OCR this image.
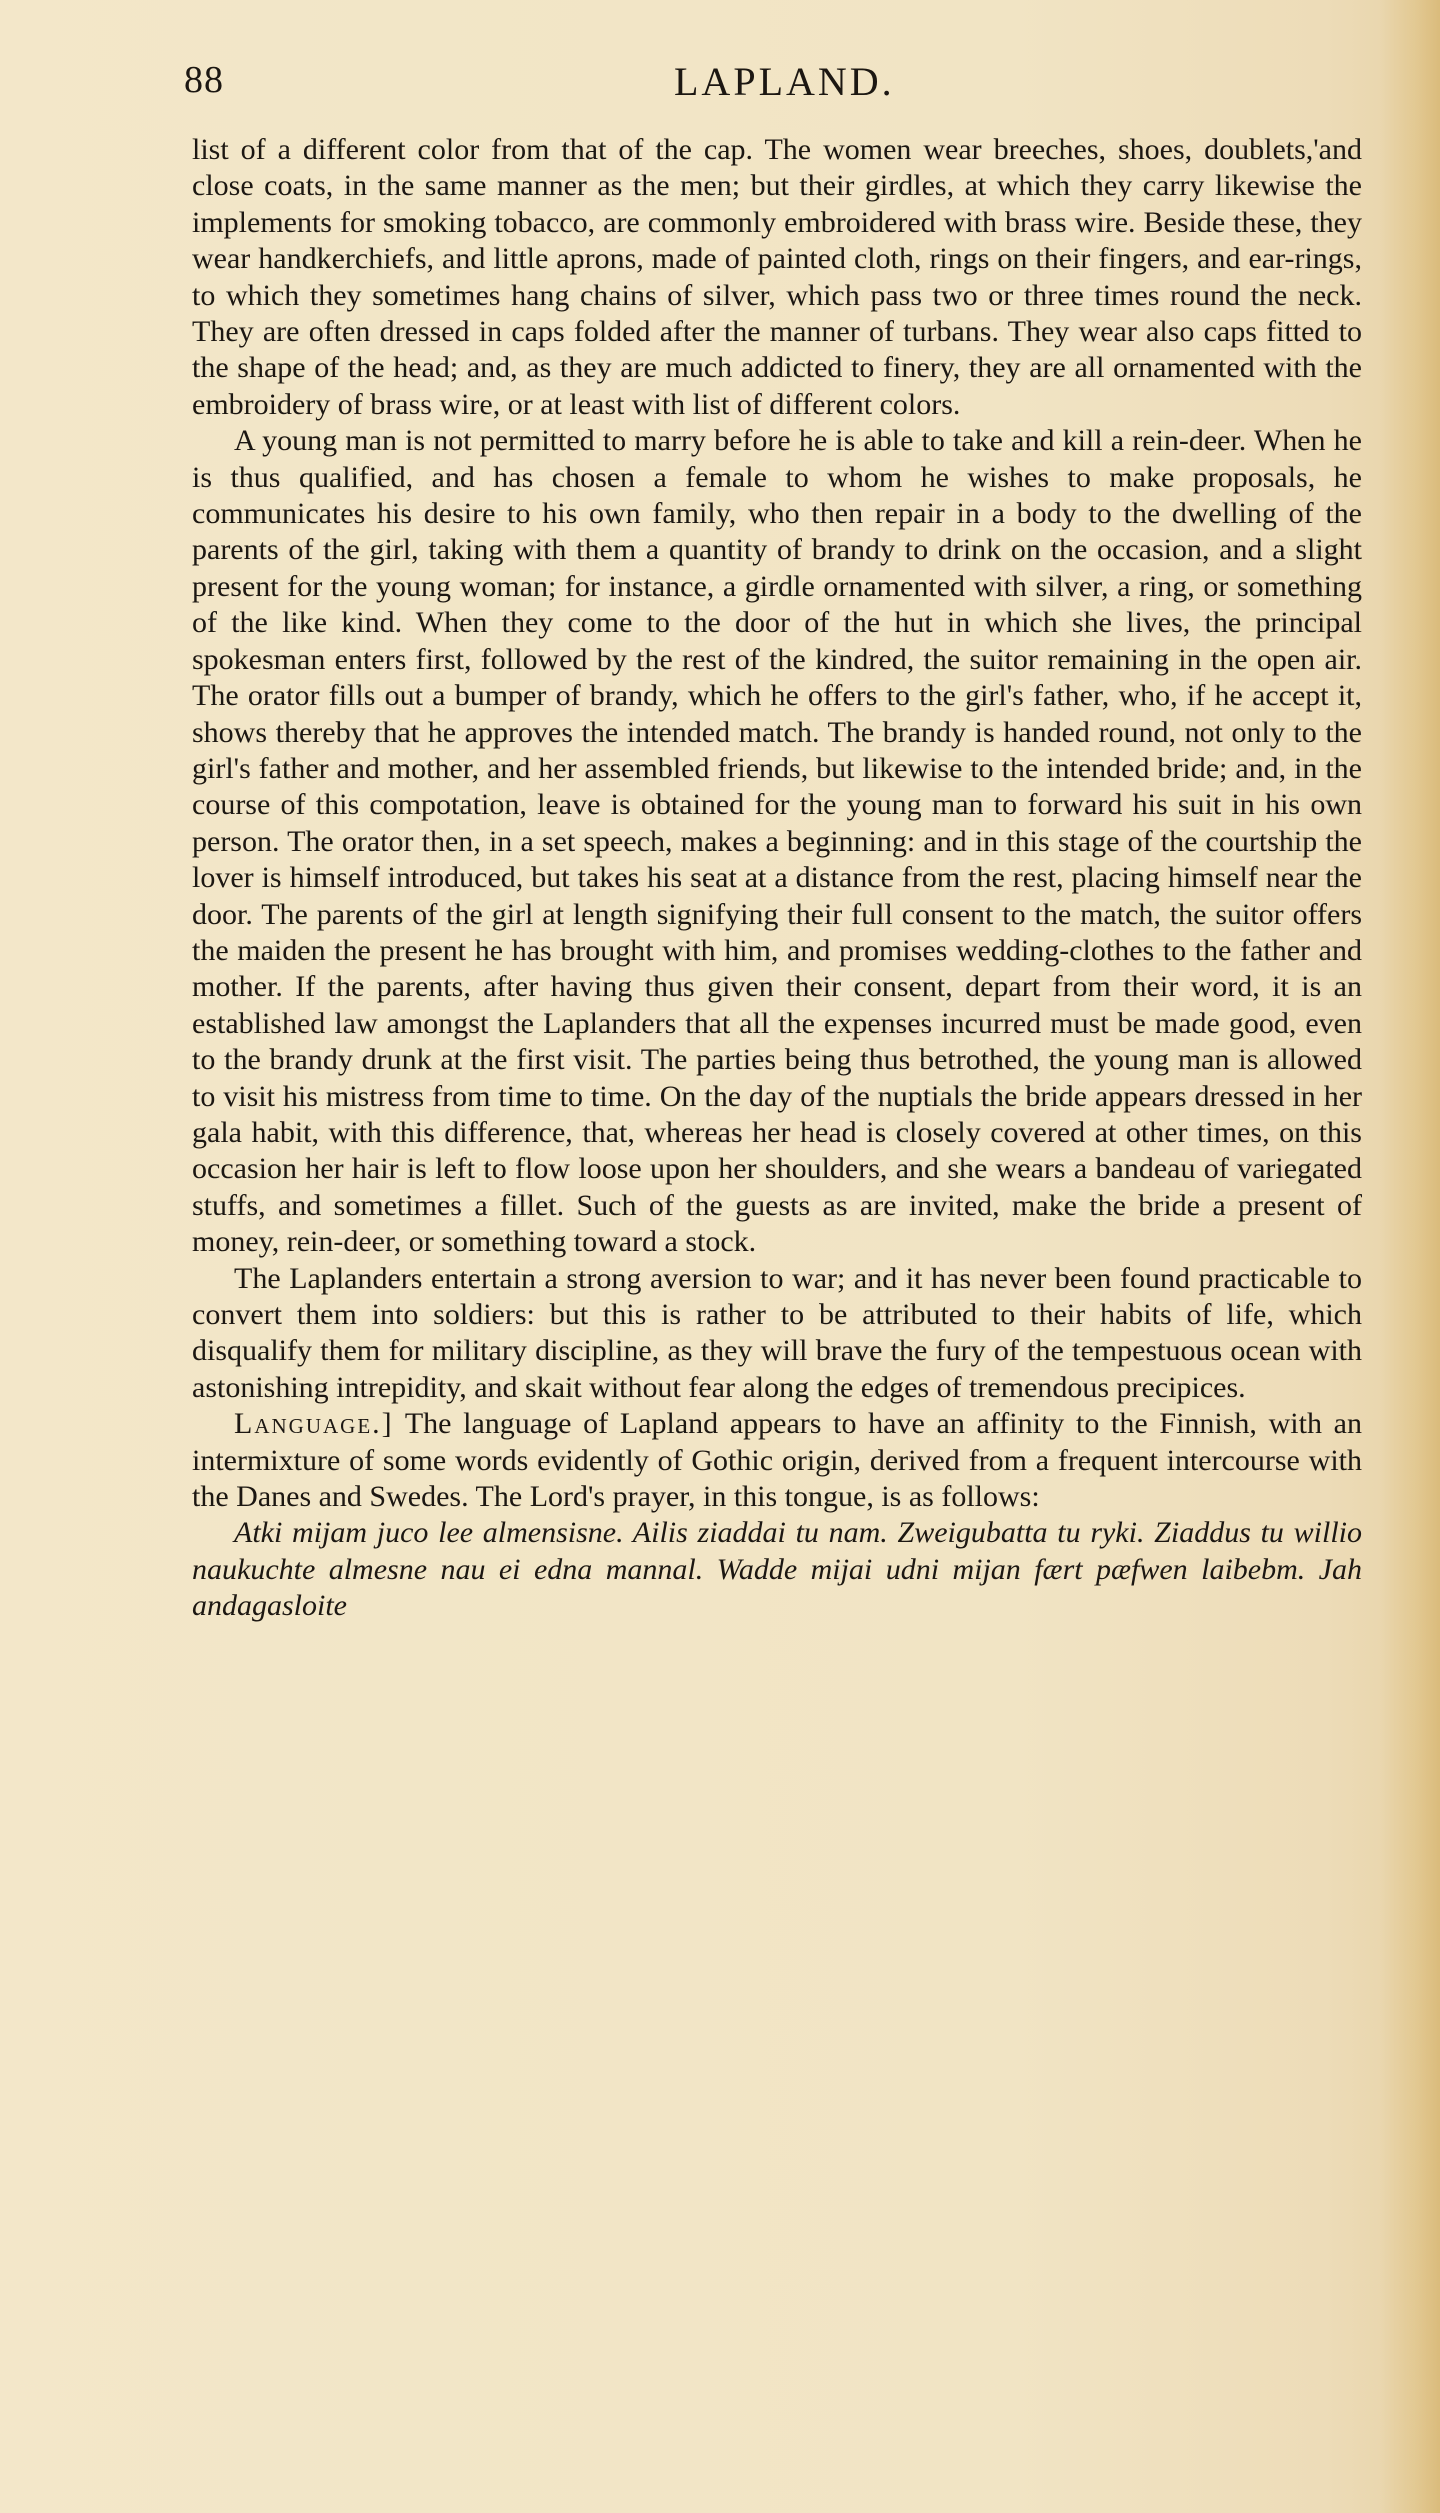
88	LAPLAND.

list of a different color from that of the cap. The women wear breeches, shoes, doublets,'and close coats, in the same manner as the men; but their girdles, at which they carry likewise the implements for smoking tobacco, are commonly embroidered with brass wire. Beside these, they wear handkerchiefs, and little aprons, made of painted cloth, rings on their fingers, and ear-rings, to which they sometimes hang chains of silver, which pass two or three times round the neck. They are often dressed in caps folded after the manner of turbans. They wear also caps fitted to the shape of the head; and, as they are much addicted to finery, they are all ornamented with the embroidery of brass wire, or at least with list of different colors.

A young man is not permitted to marry before he is able to take and kill a rein-deer. When he is thus qualified, and has chosen a female to whom he wishes to make proposals, he communicates his desire to his own family, who then repair in a body to the dwelling of the parents of the girl, taking with them a quantity of brandy to drink on the occasion, and a slight present for the young woman; for instance, a girdle ornamented with silver, a ring, or something of the like kind. When they come to the door of the hut in which she lives, the principal spokesman enters first, followed by the rest of the kindred, the suitor remaining in the open air. The orator fills out a bumper of brandy, which he offers to the girl's father, who, if he accept it, shows thereby that he approves the intended match. The brandy is handed round, not only to the girl's father and mother, and her assembled friends, but likewise to the intended bride; and, in the course of this compotation, leave is obtained for the young man to forward his suit in his own person. The orator then, in a set speech, makes a beginning: and in this stage of the courtship the lover is himself introduced, but takes his seat at a distance from the rest, placing himself near the door. The parents of the girl at length signifying their full consent to the match, the suitor offers the maiden the present he has brought with him, and promises wedding-clothes to the father and mother. If the parents, after having thus given their consent, depart from their word, it is an established law amongst the Laplanders that all the expenses incurred must be made good, even to the brandy drunk at the first visit. The parties being thus betrothed, the young man is allowed to visit his mistress from time to time. On the day of the nuptials the bride appears dressed in her gala habit, with this difference, that, whereas her head is closely covered at other times, on this occasion her hair is left to flow loose upon her shoulders, and she wears a bandeau of variegated stuffs, and sometimes a fillet. Such of the guests as are invited, make the bride a present of money, rein-deer, or something toward a stock.

The Laplanders entertain a strong aversion to war; and it has never been found practicable to convert them into soldiers: but this is rather to be attributed to their habits of life, which disqualify them for military discipline, as they will brave the fury of the tempestuous ocean with astonishing intrepidity, and skait without fear along the edges of tremendous precipices.

Language.] The language of Lapland appears to have an affinity to the Finnish, with an intermixture of some words evidently of Gothic origin, derived from a frequent intercourse with the Danes and Swedes. The Lord's prayer, in this tongue, is as follows:

Atki mijam juco lee almensisne. Ailis ziaddai tu nam. Zweigubatta tu ryki. Ziaddus tu willio naukuchte almesne nau ei edna mannal. Wadde mijai udni mijan fært pæfwen laibebm. Jah andagasloite
